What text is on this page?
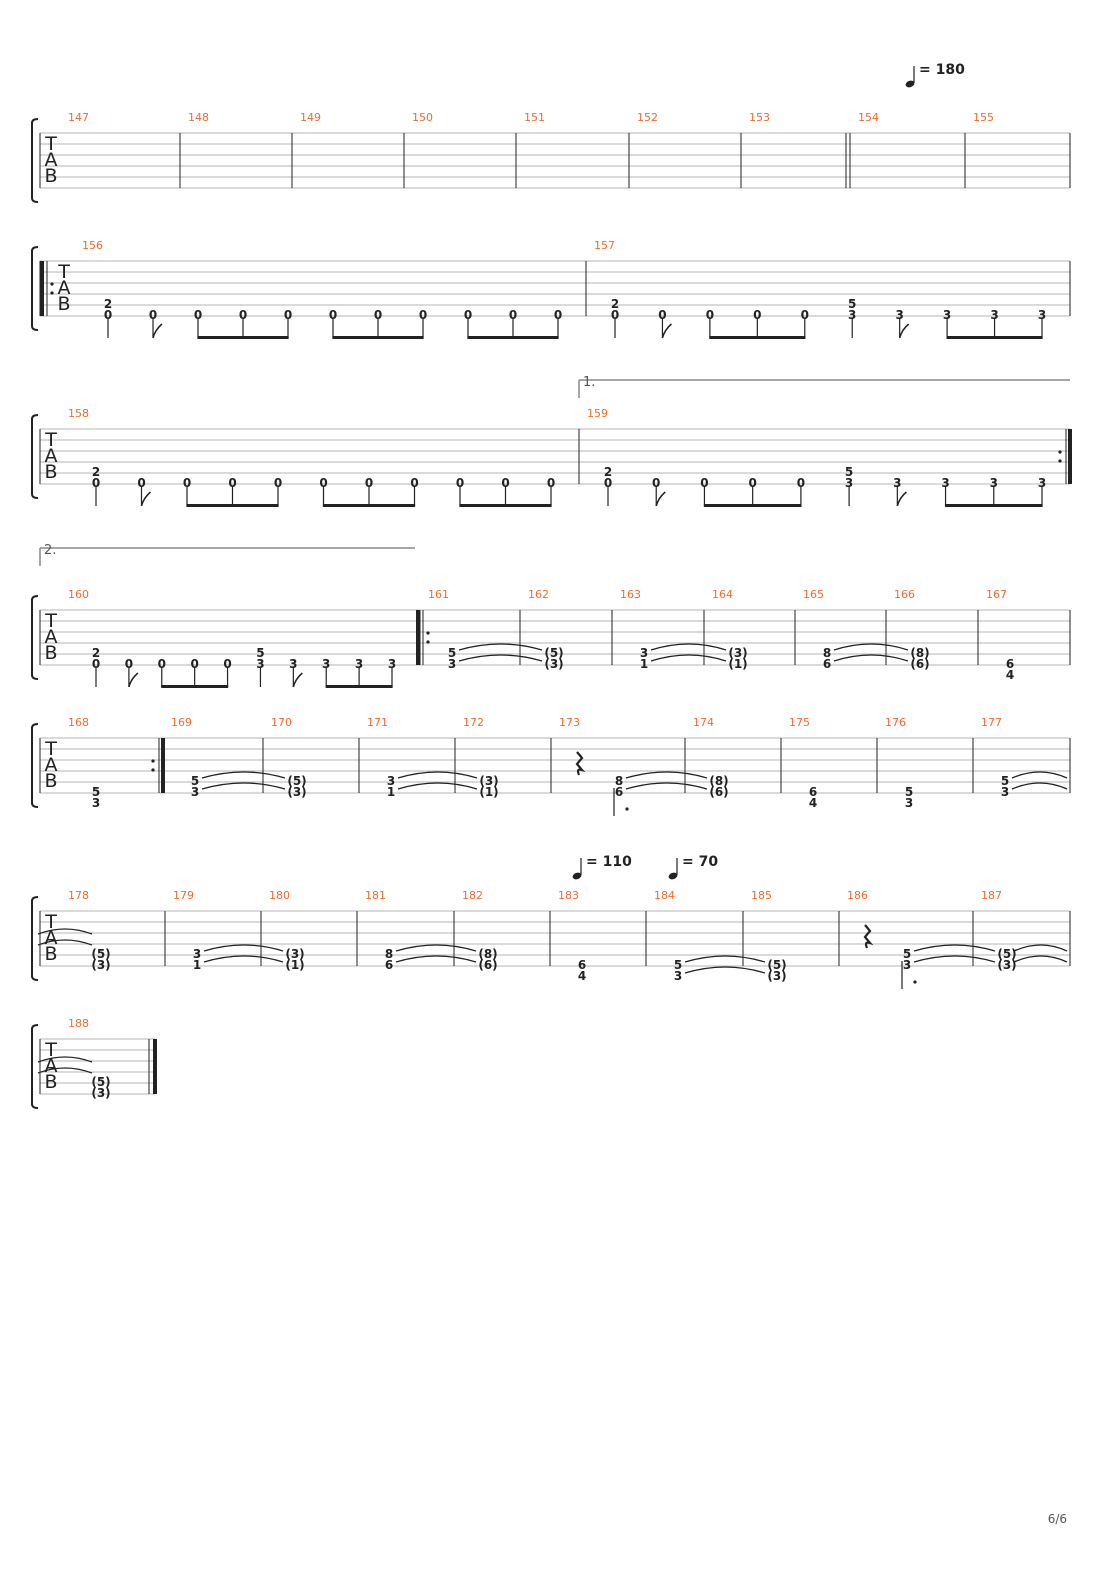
= 180
= 110	= 70
1.
2.
T
A
B
147	148	149	150	151	152	153	154	155
T
A
B
156
2
0	0	0	0	0	0	0	0	0	0	0
157
2
0	0	0	0	0
5
3	3	3	3	3
T
A
B
158
2
0	0	0	0	0	0	0	0	0	0	0
159
2
0	0	0	0	0
5
3	3	3	3	3
T
A
B
160
2
0 0 0 0 0
5
3 3 3 3 3
161
5
3
162
(5)
(3)
163
3
1
164
(3)
(1)
165
8
6
166
(8)
(6)
167
6
4
T
A
B
168
5
3
169
5
3
170
(5)
(3)
171
3
1
172
(3)
(1)
173
8
6
174
(8)
(6)
175
6
4
176
5
3
177
5
3
T
A
B
178
(5)
(3)
179
3
1
180
(3)
(1)
181
8
6
182
(8)
(6)
183
6
4
184
5
3
185
(5)
(3)
186
5
3
187
(5)
(3)
T
A
B
188
(5)
(3)
6/6
